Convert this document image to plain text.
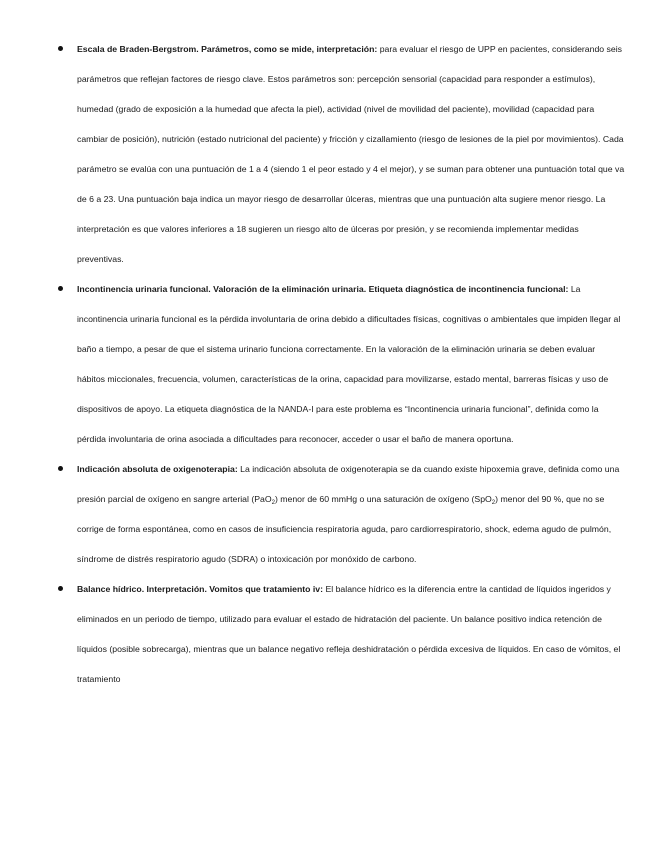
Escala de Braden-Bergstrom. Parámetros, como se mide, interpretación: para evaluar el riesgo de UPP en pacientes, considerando seis parámetros que reflejan factores de riesgo clave. Estos parámetros son: percepción sensorial (capacidad para responder a estímulos), humedad (grado de exposición a la humedad que afecta la piel), actividad (nivel de movilidad del paciente), movilidad (capacidad para cambiar de posición), nutrición (estado nutricional del paciente) y fricción y cizallamiento (riesgo de lesiones de la piel por movimientos). Cada parámetro se evalúa con una puntuación de 1 a 4 (siendo 1 el peor estado y 4 el mejor), y se suman para obtener una puntuación total que va de 6 a 23. Una puntuación baja indica un mayor riesgo de desarrollar úlceras, mientras que una puntuación alta sugiere menor riesgo. La interpretación es que valores inferiores a 18 sugieren un riesgo alto de úlceras por presión, y se recomienda implementar medidas preventivas.
Incontinencia urinaria funcional. Valoración de la eliminación urinaria. Etiqueta diagnóstica de incontinencia funcional: La incontinencia urinaria funcional es la pérdida involuntaria de orina debido a dificultades físicas, cognitivas o ambientales que impiden llegar al baño a tiempo, a pesar de que el sistema urinario funciona correctamente. En la valoración de la eliminación urinaria se deben evaluar hábitos miccionales, frecuencia, volumen, características de la orina, capacidad para movilizarse, estado mental, barreras físicas y uso de dispositivos de apoyo. La etiqueta diagnóstica de la NANDA-I para este problema es “Incontinencia urinaria funcional”, definida como la pérdida involuntaria de orina asociada a dificultades para reconocer, acceder o usar el baño de manera oportuna.
Indicación absoluta de oxigenoterapia: La indicación absoluta de oxigenoterapia se da cuando existe hipoxemia grave, definida como una presión parcial de oxígeno en sangre arterial (PaO$_2$) menor de 60 mmHg o una saturación de oxígeno (SpO$_2$) menor del 90 %, que no se corrige de forma espontánea, como en casos de insuficiencia respiratoria aguda, paro cardiorrespiratorio, shock, edema agudo de pulmón, síndrome de distrés respiratorio agudo (SDRA) o intoxicación por monóxido de carbono.
Balance hídrico. Interpretación. Vomitos que tratamiento iv: El balance hídrico es la diferencia entre la cantidad de líquidos ingeridos y eliminados en un periodo de tiempo, utilizado para evaluar el estado de hidratación del paciente. Un balance positivo indica retención de líquidos (posible sobrecarga), mientras que un balance negativo refleja deshidratación o pérdida excesiva de líquidos. En caso de vómitos, el tratamiento
